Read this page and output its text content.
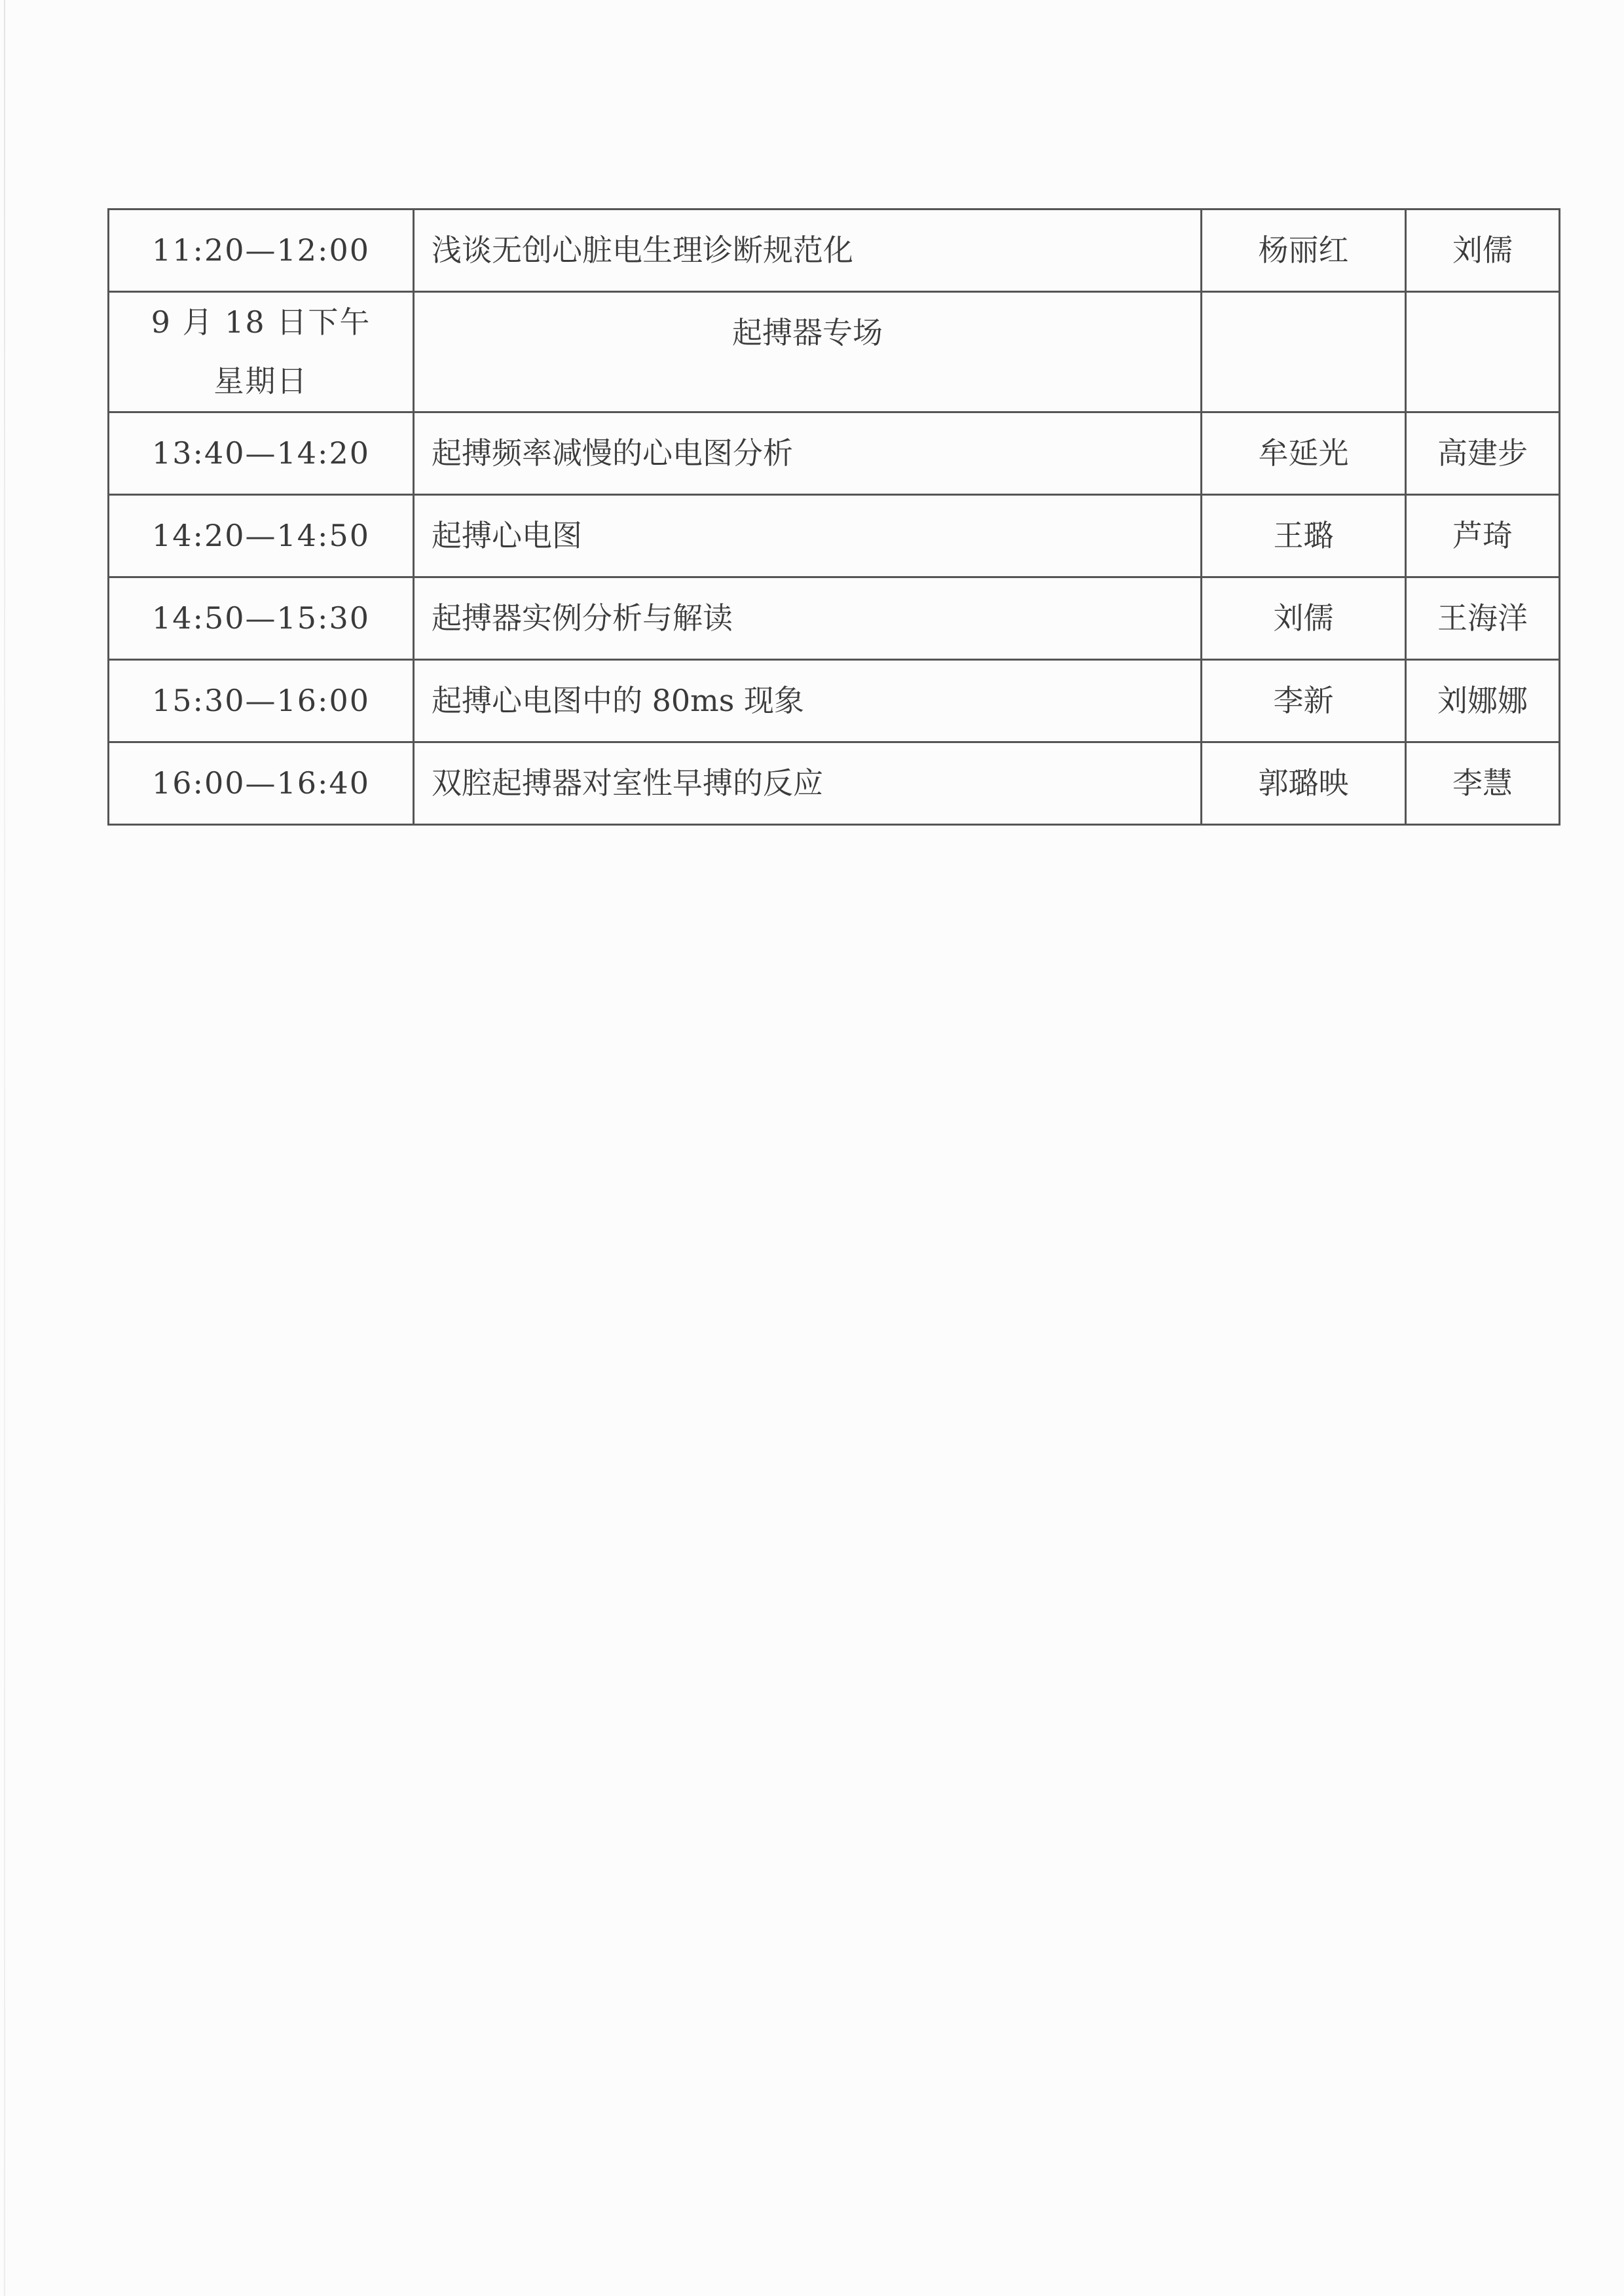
11:20—12:00	浅谈无创心脏电生理诊断规范化	杨丽红	刘儒

9 月 18 日下午
星期日	起搏器专场		
13:40—14:20	起搏频率减慢的心电图分析	牟延光	高建步
14:20—14:50	起搏心电图	王璐	芦琦
14:50—15:30	起搏器实例分析与解读	刘儒	王海洋
15:30—16:00	起搏心电图中的 80ms 现象	李新	刘娜娜
16:00—16:40	双腔起搏器对室性早搏的反应	郭璐映	李慧
